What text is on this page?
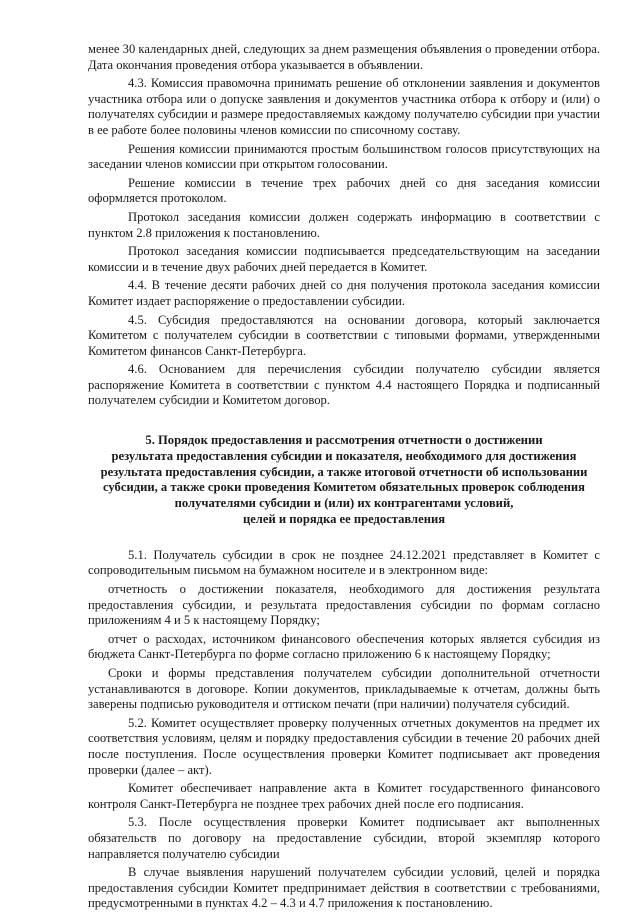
менее 30 календарных дней, следующих за днем размещения объявления о проведении отбора. Дата окончания проведения отбора указывается в объявлении.

4.3. Комиссия правомочна принимать решение об отклонении заявления и документов участника отбора или о допуске заявления и документов участника отбора к отбору и (или) о получателях субсидии и размере предоставляемых каждому получателю субсидии при участии в ее работе более половины членов комиссии по списочному составу.

Решения комиссии принимаются простым большинством голосов присутствующих на заседании членов комиссии при открытом голосовании.

Решение комиссии в течение трех рабочих дней со дня заседания комиссии оформляется протоколом.

Протокол заседания комиссии должен содержать информацию в соответствии с пунктом 2.8 приложения к постановлению.

Протокол заседания комиссии подписывается председательствующим на заседании комиссии и в течение двух рабочих дней передается в Комитет.

4.4. В течение десяти рабочих дней со дня получения протокола заседания комиссии Комитет издает распоряжение о предоставлении субсидии.

4.5. Субсидия предоставляются на основании договора, который заключается Комитетом с получателем субсидии в соответствии с типовыми формами, утвержденными Комитетом финансов Санкт-Петербурга.

4.6. Основанием для перечисления субсидии получателю субсидии является распоряжение Комитета в соответствии с пунктом 4.4 настоящего Порядка и подписанный получателем субсидии и Комитетом договор.

5. Порядок предоставления и рассмотрения отчетности о достижении
результата предоставления субсидии и показателя, необходимого для достижения
результата предоставления субсидии, а также итоговой отчетности об использовании
субсидии, а также сроки проведения Комитетом обязательных проверок соблюдения
получателями субсидии и (или) их контрагентами условий,
целей и порядка ее предоставления

5.1. Получатель субсидии в срок не позднее 24.12.2021 представляет в Комитет с сопроводительным письмом на бумажном носителе и в электронном виде:

отчетность о достижении показателя, необходимого для достижения результата предоставления субсидии, и результата предоставления субсидии по формам согласно приложениям 4 и 5 к настоящему Порядку;

отчет о расходах, источником финансового обеспечения которых является субсидия из бюджета Санкт-Петербурга по форме согласно приложению 6 к настоящему Порядку;

Сроки и формы представления получателем субсидии дополнительной отчетности устанавливаются в договоре. Копии документов, прикладываемые к отчетам, должны быть заверены подписью руководителя и оттиском печати (при наличии) получателя субсидий.

5.2. Комитет осуществляет проверку полученных отчетных документов на предмет их соответствия условиям, целям и порядку предоставления субсидии в течение 20 рабочих дней после поступления. После осуществления проверки Комитет подписывает акт проведения проверки (далее – акт).

Комитет обеспечивает направление акта в Комитет государственного финансового контроля Санкт-Петербурга не позднее трех рабочих дней после его подписания.

5.3. После осуществления проверки Комитет подписывает акт выполненных обязательств по договору на предоставление субсидии, второй экземпляр которого направляется получателю субсидии

В случае выявления нарушений получателем субсидии условий, целей и порядка предоставления субсидии Комитет предпринимает действия в соответствии с требованиями, предусмотренными в пунктах 4.2 – 4.3 и 4.7 приложения к постановлению.
